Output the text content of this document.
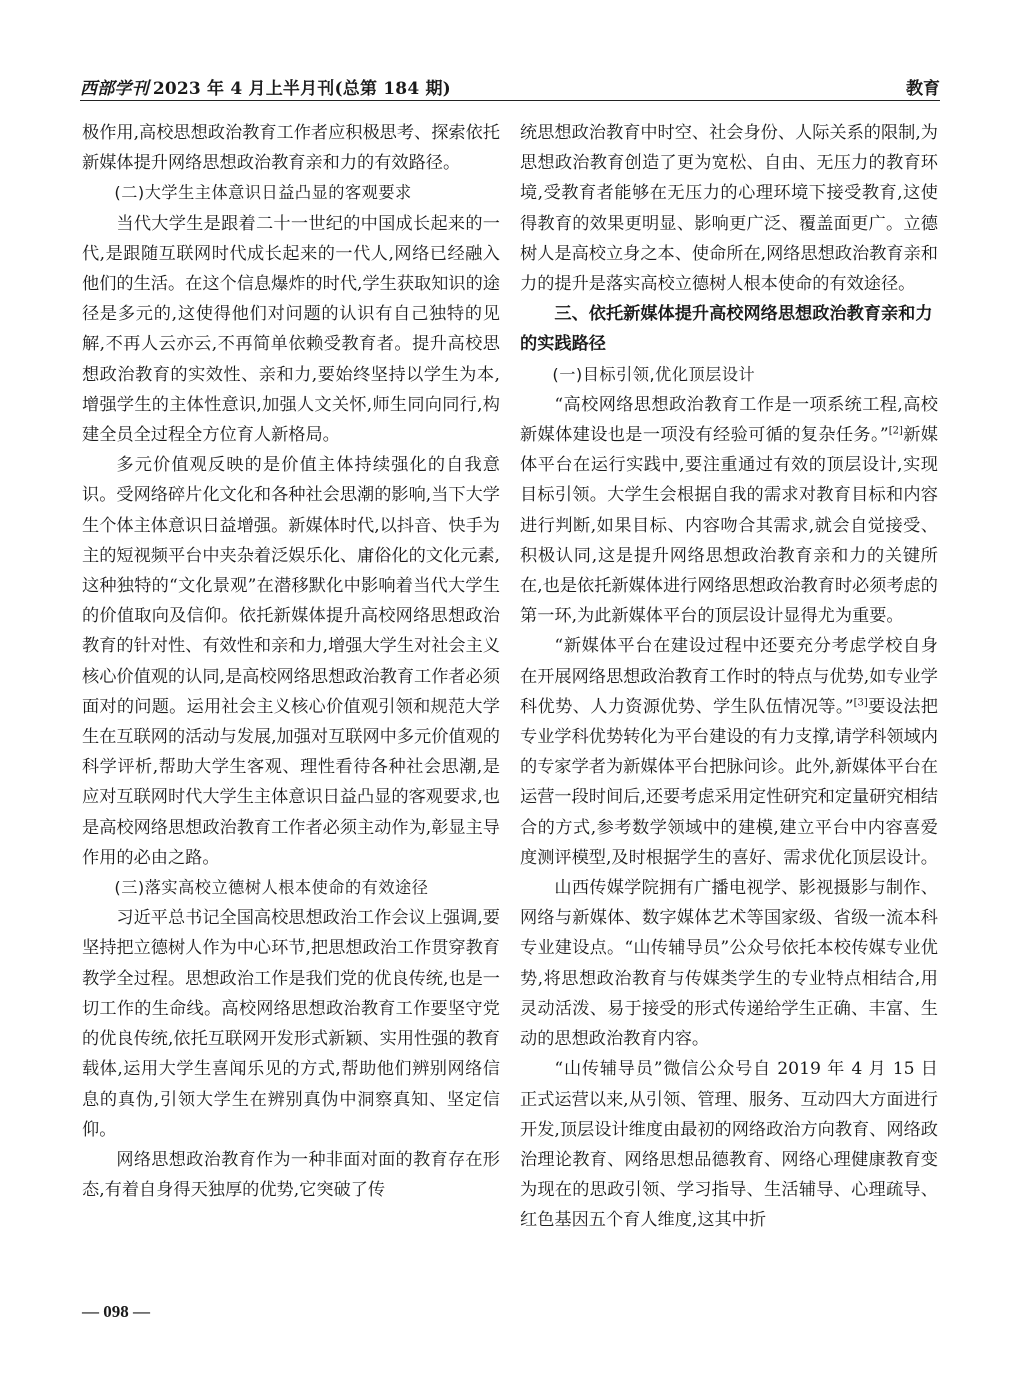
西部学刊 2023 年 4 月上半月刊(总第 184 期)	教育

极作用,高校思想政治教育工作者应积极思考、探索依托新媒体提升网络思想政治教育亲和力的有效路径。

(二)大学生主体意识日益凸显的客观要求

当代大学生是跟着二十一世纪的中国成长起来的一代,是跟随互联网时代成长起来的一代人,网络已经融入他们的生活。在这个信息爆炸的时代,学生获取知识的途径是多元的,这使得他们对问题的认识有自己独特的见解,不再人云亦云,不再简单依赖受教育者。提升高校思想政治教育的实效性、亲和力,要始终坚持以学生为本,增强学生的主体性意识,加强人文关怀,师生同向同行,构建全员全过程全方位育人新格局。

多元价值观反映的是价值主体持续强化的自我意识。受网络碎片化文化和各种社会思潮的影响,当下大学生个体主体意识日益增强。新媒体时代,以抖音、快手为主的短视频平台中夹杂着泛娱乐化、庸俗化的文化元素,这种独特的“文化景观”在潜移默化中影响着当代大学生的价值取向及信仰。依托新媒体提升高校网络思想政治教育的针对性、有效性和亲和力,增强大学生对社会主义核心价值观的认同,是高校网络思想政治教育工作者必须面对的问题。运用社会主义核心价值观引领和规范大学生在互联网的活动与发展,加强对互联网中多元价值观的科学评析,帮助大学生客观、理性看待各种社会思潮,是应对互联网时代大学生主体意识日益凸显的客观要求,也是高校网络思想政治教育工作者必须主动作为,彰显主导作用的必由之路。

(三)落实高校立德树人根本使命的有效途径

习近平总书记全国高校思想政治工作会议上强调,要坚持把立德树人作为中心环节,把思想政治工作贯穿教育教学全过程。思想政治工作是我们党的优良传统,也是一切工作的生命线。高校网络思想政治教育工作要坚守党的优良传统,依托互联网开发形式新颖、实用性强的教育载体,运用大学生喜闻乐见的方式,帮助他们辨别网络信息的真伪,引领大学生在辨别真伪中洞察真知、坚定信仰。

网络思想政治教育作为一种非面对面的教育存在形态,有着自身得天独厚的优势,它突破了传

统思想政治教育中时空、社会身份、人际关系的限制,为思想政治教育创造了更为宽松、自由、无压力的教育环境,受教育者能够在无压力的心理环境下接受教育,这使得教育的效果更明显、影响更广泛、覆盖面更广。立德树人是高校立身之本、使命所在,网络思想政治教育亲和力的提升是落实高校立德树人根本使命的有效途径。

三、依托新媒体提升高校网络思想政治教育亲和力的实践路径

(一)目标引领,优化顶层设计

“高校网络思想政治教育工作是一项系统工程,高校新媒体建设也是一项没有经验可循的复杂任务。”[2]新媒体平台在运行实践中,要注重通过有效的顶层设计,实现目标引领。大学生会根据自我的需求对教育目标和内容进行判断,如果目标、内容吻合其需求,就会自觉接受、积极认同,这是提升网络思想政治教育亲和力的关键所在,也是依托新媒体进行网络思想政治教育时必须考虑的第一环,为此新媒体平台的顶层设计显得尤为重要。

“新媒体平台在建设过程中还要充分考虑学校自身在开展网络思想政治教育工作时的特点与优势,如专业学科优势、人力资源优势、学生队伍情况等。”[3]要设法把专业学科优势转化为平台建设的有力支撑,请学科领域内的专家学者为新媒体平台把脉问诊。此外,新媒体平台在运营一段时间后,还要考虑采用定性研究和定量研究相结合的方式,参考数学领域中的建模,建立平台中内容喜爱度测评模型,及时根据学生的喜好、需求优化顶层设计。

山西传媒学院拥有广播电视学、影视摄影与制作、网络与新媒体、数字媒体艺术等国家级、省级一流本科专业建设点。“山传辅导员”公众号依托本校传媒专业优势,将思想政治教育与传媒类学生的专业特点相结合,用灵动活泼、易于接受的形式传递给学生正确、丰富、生动的思想政治教育内容。

“山传辅导员”微信公众号自 2019 年 4 月 15 日正式运营以来,从引领、管理、服务、互动四大方面进行开发,顶层设计维度由最初的网络政治方向教育、网络政治理论教育、网络思想品德教育、网络心理健康教育变为现在的思政引领、学习指导、生活辅导、心理疏导、红色基因五个育人维度,这其中折

— 098 —
